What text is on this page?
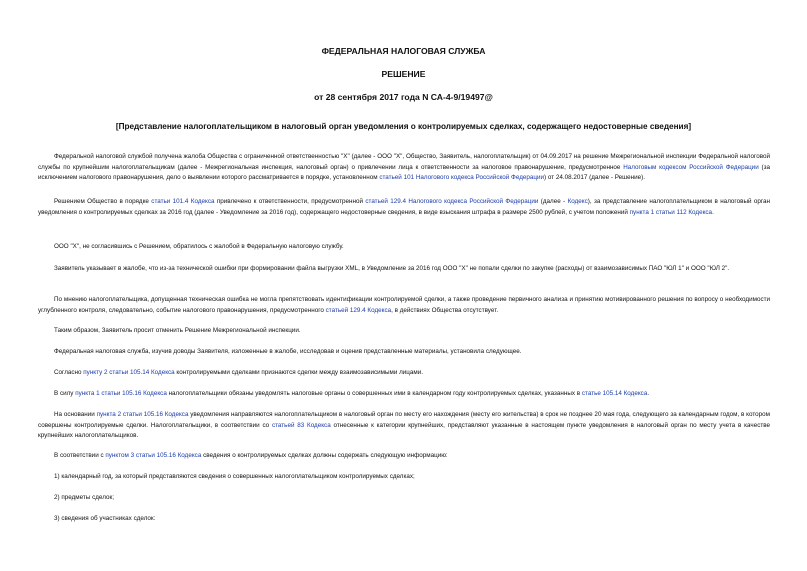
ФЕДЕРАЛЬНАЯ НАЛОГОВАЯ СЛУЖБА
РЕШЕНИЕ
от 28 сентября 2017 года N СА-4-9/19497@
[Представление налогоплательщиком в налоговый орган уведомления о контролируемых сделках, содержащего недостоверные сведения]
Федеральной налоговой службой получена жалоба Общества с ограниченной ответственностью "Х" (далее - ООО "Х", Общество, Заявитель, налогоплательщик) от 04.09.2017 на решение Межрегиональной инспекции Федеральной налоговой службы по крупнейшим налогоплательщикам (далее - Межрегиональная инспекция, налоговый орган) о привлечении лица к ответственности за налоговое правонарушение, предусмотренное Налоговым кодексом Российской Федерации (за исключением налогового правонарушения, дело о выявлении которого рассматривается в порядке, установленном статьей 101 Налогового кодекса Российской Федерации) от 24.08.2017 (далее - Решение).
Решением Общество в порядке статьи 101.4 Кодекса привлечено к ответственности, предусмотренной статьей 129.4 Налогового кодекса Российской Федерации (далее - Кодекс), за представление налогоплательщиком в налоговый орган уведомления о контролируемых сделках за 2016 год (далее - Уведомление за 2016 год), содержащего недостоверные сведения, в виде взыскания штрафа в размере 2500 рублей, с учетом положений пункта 1 статьи 112 Кодекса.
ООО "Х", не согласившись с Решением, обратилось с жалобой в Федеральную налоговую службу.
Заявитель указывает в жалобе, что из-за технической ошибки при формировании файла выгрузки XML, в Уведомление за 2016 год ООО "Х" не попали сделки по закупке (расходы) от взаимозависимых ПАО "ЮЛ 1" и ООО "ЮЛ 2".
По мнению налогоплательщика, допущенная техническая ошибка не могла препятствовать идентификации контролируемой сделки, а также проведение первичного анализа и принятию мотивированного решения по вопросу о необходимости углубленного контроля, следовательно, событие налогового правонарушения, предусмотренного статьей 129.4 Кодекса, в действиях Общества отсутствует.
Таким образом, Заявитель просит отменить Решение Межрегиональной инспекции.
Федеральная налоговая служба, изучив доводы Заявителя, изложенные в жалобе, исследовав и оценив представленные материалы, установила следующее.
Согласно пункту 2 статьи 105.14 Кодекса контролируемыми сделками признаются сделки между взаимозависимыми лицами.
В силу пункта 1 статьи 105.16 Кодекса налогоплательщики обязаны уведомлять налоговые органы о совершенных ими в календарном году контролируемых сделках, указанных в статье 105.14 Кодекса.
На основании пункта 2 статьи 105.16 Кодекса уведомления направляются налогоплательщиком в налоговый орган по месту его нахождения (месту его жительства) в срок не позднее 20 мая года, следующего за календарным годом, в котором совершены контролируемые сделки. Налогоплательщики, в соответствии со статьей 83 Кодекса отнесенные к категории крупнейших, представляют указанные в настоящем пункте уведомления в налоговый орган по месту учета в качестве крупнейших налогоплательщиков.
В соответствии с пунктом 3 статьи 105.16 Кодекса сведения о контролируемых сделках должны содержать следующую информацию:
1) календарный год, за который представляются сведения о совершенных налогоплательщиком контролируемых сделках;
2) предметы сделок;
3) сведения об участниках сделок:
